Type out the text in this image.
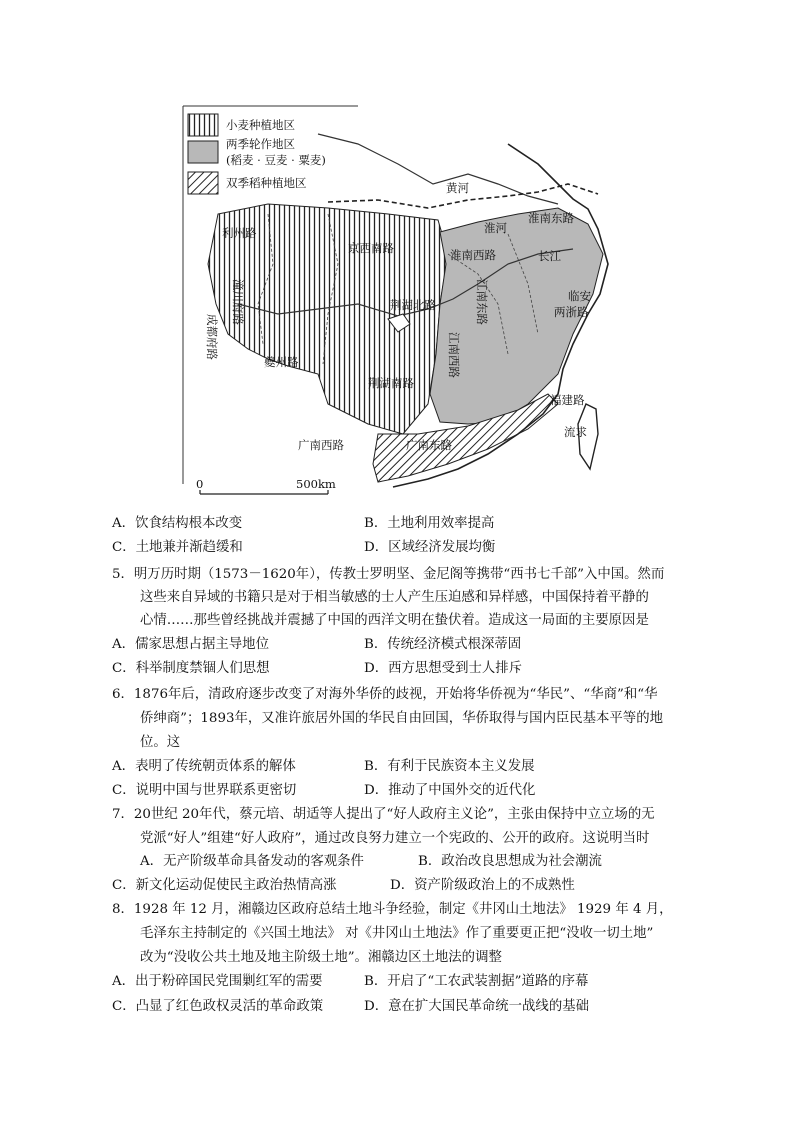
小麦种植地区
两季轮作地区
(稻麦 · 豆麦 · 粟麦)
双季稻种植地区	黄河
淮南东路
淮南西路
淮河
长江
京西南路
利州路
荆湖北路
夔州路
荆湖南路
福建路
广南西路	广南东路
流求
临安
两浙路
成都府路
潼川府路	江南东路
江南西路
0	500km
A．饮食结构根本改变	B．土地利用效率提高
C．土地兼并渐趋缓和	D．区域经济发展均衡
5．明万历时期（1573－1620年），传教士罗明坚、金尼阁等携带“西书七千部”入中国。然而
这些来自异域的书籍只是对于相当敏感的士人产生压迫感和异样感，中国保持着平静的
心情……那些曾经挑战并震撼了中国的西洋文明在蛰伏着。造成这一局面的主要原因是
A．儒家思想占据主导地位	B．传统经济模式根深蒂固
C．科举制度禁锢人们思想	D．西方思想受到士人排斥
6．1876年后，清政府逐步改变了对海外华侨的歧视，开始将华侨视为“华民”、“华商”和“华
侨绅商”；1893年，又准许旅居外国的华民自由回国，华侨取得与国内臣民基本平等的地
位。这
A．表明了传统朝贡体系的解体	B．有利于民族资本主义发展
C．说明中国与世界联系更密切	D．推动了中国外交的近代化
7．20世纪 20年代，蔡元培、胡适等人提出了“好人政府主义论”，主张由保持中立立场的无
党派“好人”组建“好人政府”，通过改良努力建立一个宪政的、公开的政府。这说明当时
A．无产阶级革命具备发动的客观条件	B．政治改良思想成为社会潮流
C．新文化运动促使民主政治热情高涨	D．资产阶级政治上的不成熟性
8．1928 年 12 月，湘赣边区政府总结土地斗争经验，制定《井冈山土地法》 1929 年 4 月，
毛泽东主持制定的《兴国土地法》 对《井冈山土地法》作了重要更正把“没收一切土地”
改为“没收公共土地及地主阶级土地”。湘赣边区土地法的调整
A．出于粉碎国民党围剿红军的需要	B．开启了“工农武装割据”道路的序幕
C．凸显了红色政权灵活的革命政策	D．意在扩大国民革命统一战线的基础
